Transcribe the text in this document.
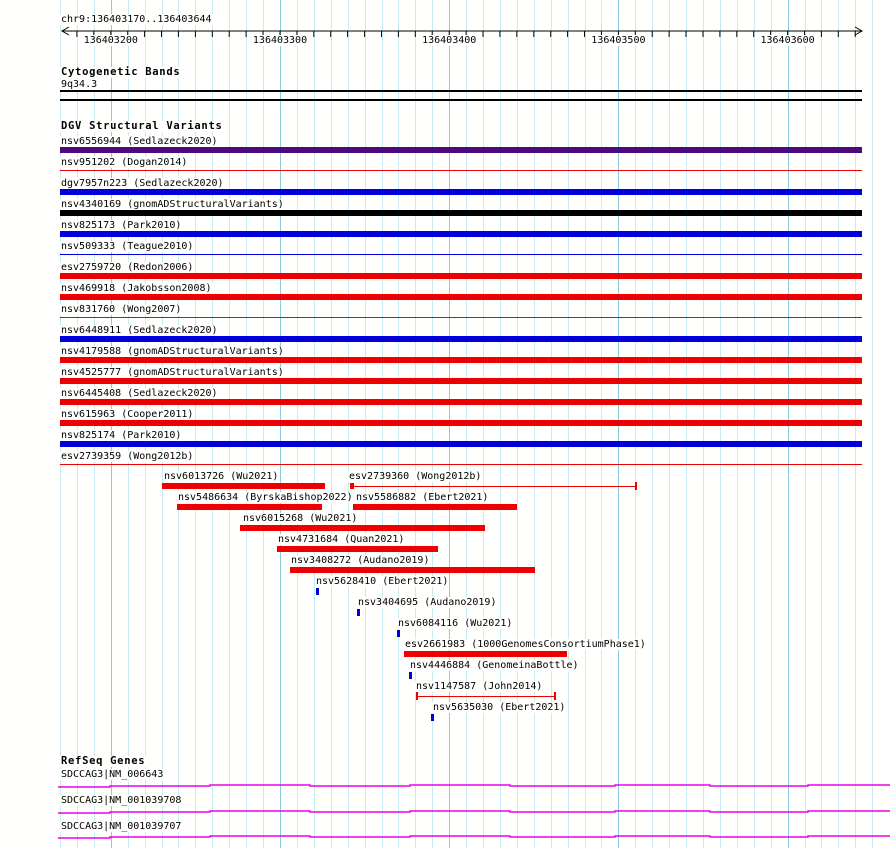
chr9:136403170..136403644
136403200	136403300	136403400	136403500	136403600
Cytogenetic Bands
9q34.3
DGV Structural Variants
nsv6556944 (Sedlazeck2020)
nsv951202 (Dogan2014)
dgv7957n223 (Sedlazeck2020)
nsv4340169 (gnomADStructuralVariants)
nsv825173 (Park2010)
nsv509333 (Teague2010)
esv2759720 (Redon2006)
nsv469918 (Jakobsson2008)
nsv831760 (Wong2007)
nsv6448911 (Sedlazeck2020)
nsv4179588 (gnomADStructuralVariants)
nsv4525777 (gnomADStructuralVariants)
nsv6445408 (Sedlazeck2020)
nsv615963 (Cooper2011)
nsv825174 (Park2010)
esv2739359 (Wong2012b)
nsv6013726 (Wu2021)	esv2739360 (Wong2012b)
nsv5486634 (ByrskaBishop2022) nsv5586882 (Ebert2021)
nsv6015268 (Wu2021)
nsv4731684 (Quan2021)
nsv3408272 (Audano2019)
nsv5628410 (Ebert2021)
nsv3404695 (Audano2019)
nsv6084116 (Wu2021)
esv2661983 (1000GenomesConsortiumPhase1)
nsv4446884 (GenomeinaBottle)
nsv1147587 (John2014)
nsv5635030 (Ebert2021)
RefSeq Genes
SDCCAG3|NM_006643
SDCCAG3|NM_001039708
SDCCAG3|NM_001039707
